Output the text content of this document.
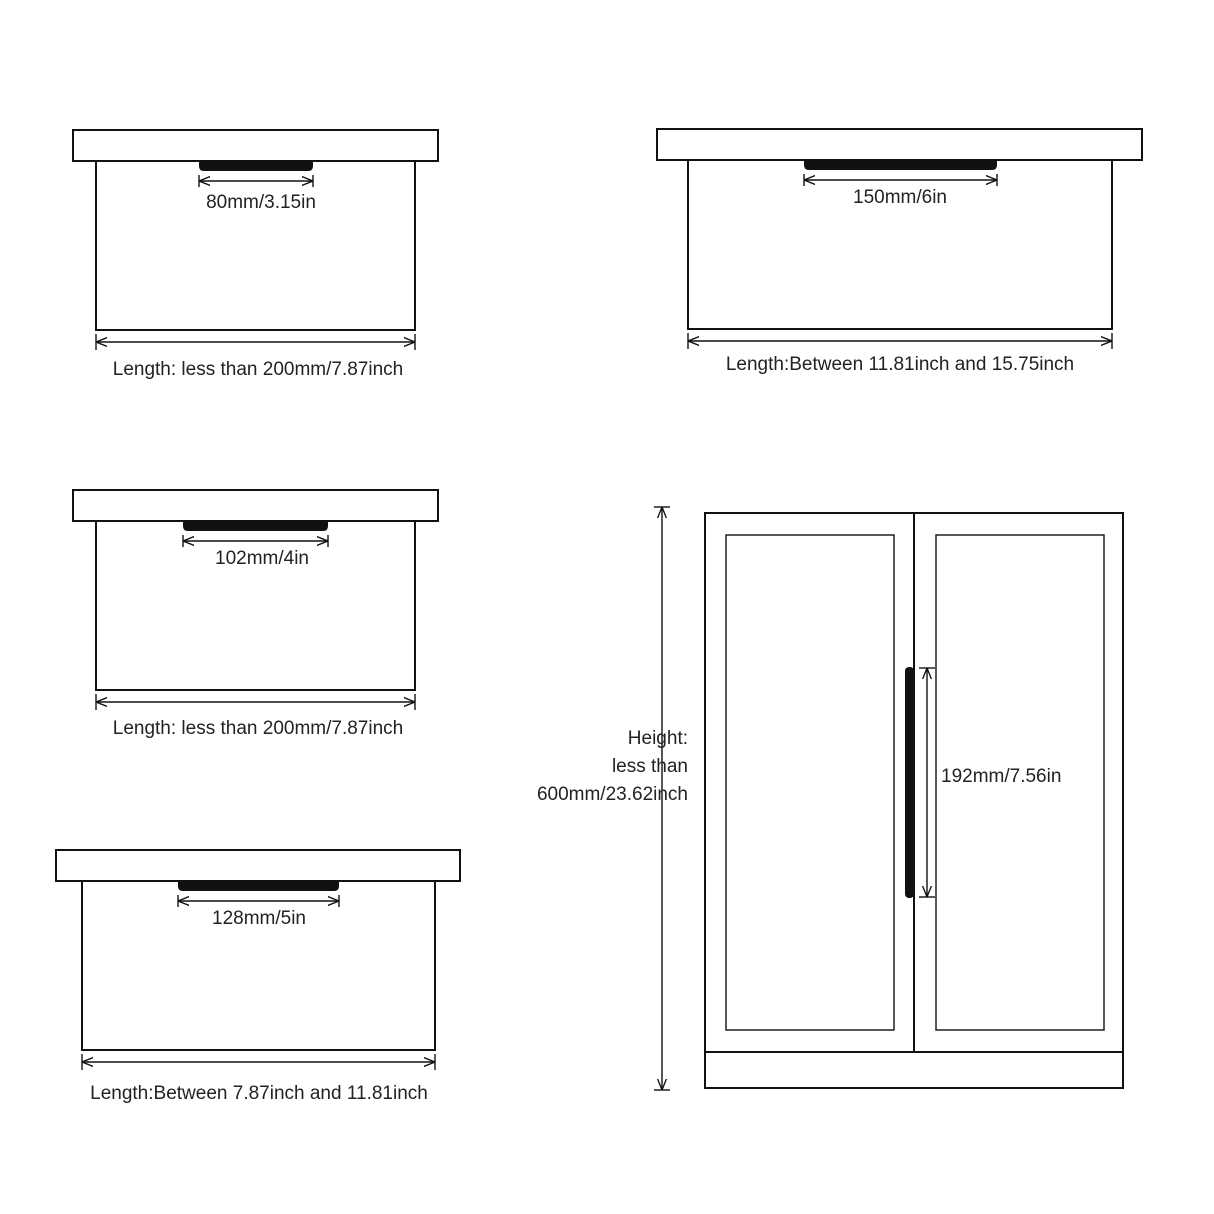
80mm/3.15in
Length: less than 200mm/7.87inch
150mm/6in
Length:Between 11.81inch and 15.75inch
102mm/4in
Length: less than 200mm/7.87inch
128mm/5in
Length:Between 7.87inch and 11.81inch
192mm/7.56in
Height:
less than
600mm/23.62inch
